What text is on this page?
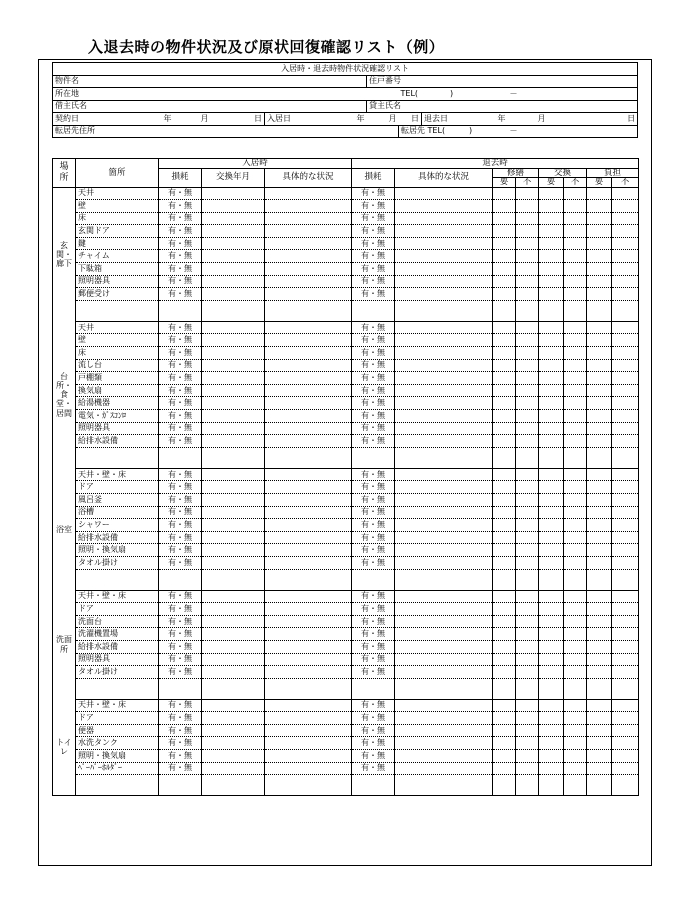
入退去時の物件状況及び原状回復確認リスト（例）
入居時・退去時物件状況確認リスト											
物件名						住戸番号					
所在地							TEL(　　　　)			－	
借主氏名						貸主氏名					
契約日	年	月	日	入居日	年	月	日	退去日	年	月	日
転居先住所							転居先 TEL(　　　)			－	
場所	箇所	入居時			退去時							
		損耗	交換年月	具体的な状況	損耗	具体的な状況	修繕		交換		負担	
							要	不	要	不	要	不
玄関・廊下	天井	有・無			有・無							
	壁	有・無			有・無							
	床	有・無			有・無							
	玄関ドア	有・無			有・無							
	鍵	有・無			有・無							
	チャイム	有・無			有・無							
	下駄箱	有・無			有・無							
	照明器具	有・無			有・無							
	郵便受け	有・無			有・無							

台所・食堂・居間	天井	有・無			有・無							
	壁	有・無			有・無							
	床	有・無			有・無							
	流し台	有・無			有・無							
	戸棚類	有・無			有・無							
	換気扇	有・無			有・無							
	給湯機器	有・無			有・無							
	電気・ｶﾞｽｺﾝﾛ	有・無			有・無							
	照明器具	有・無			有・無							
	給排水設備	有・無			有・無							

浴室	天井・壁・床	有・無			有・無							
	ドア	有・無			有・無							
	風呂釜	有・無			有・無							
	浴槽	有・無			有・無							
	シャワー	有・無			有・無							
	給排水設備	有・無			有・無							
	照明・換気扇	有・無			有・無							
	タオル掛け	有・無			有・無							

洗面所	天井・壁・床	有・無			有・無							
	ドア	有・無			有・無							
	洗面台	有・無			有・無							
	洗濯機置場	有・無			有・無							
	給排水設備	有・無			有・無							
	照明器具	有・無			有・無							
	タオル掛け	有・無			有・無							

トイレ	天井・壁・床	有・無			有・無							
	ドア	有・無			有・無							
	便器	有・無			有・無							
	水洗タンク	有・無			有・無							
	照明・換気扇	有・無			有・無							
	ﾍﾟｰﾊﾟｰﾎﾙﾀﾞｰ	有・無			有・無							
